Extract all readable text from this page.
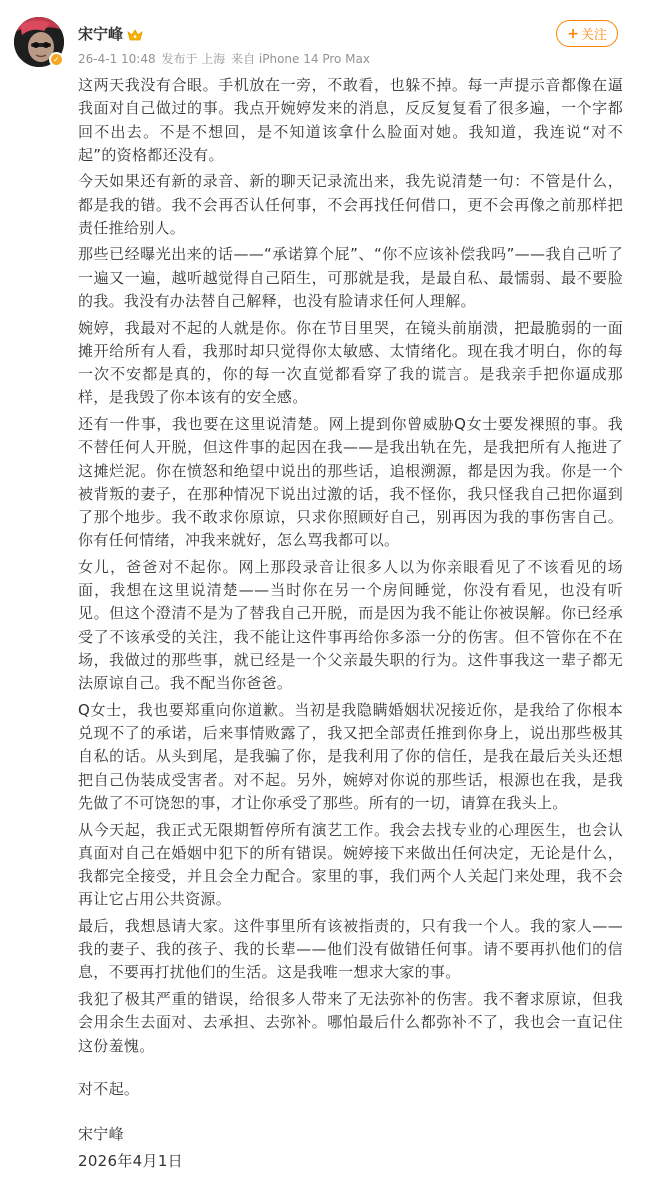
✓
宋宁峰
26-4-1 10:48 发布于 上海 来自 iPhone 14 Pro Max
+ 关注

这两天我没有合眼。手机放在一旁，不敢看，也躲不掉。每一声提示音都像在逼我面对自己做过的事。我点开婉婷发来的消息，反反复复看了很多遍，一个字都回不出去。不是不想回，是不知道该拿什么脸面对她。我知道，我连说“对不起”的资格都还没有。

今天如果还有新的录音、新的聊天记录流出来，我先说清楚一句：不管是什么，都是我的错。我不会再否认任何事，不会再找任何借口，更不会再像之前那样把责任推给别人。

那些已经曝光出来的话——“承诺算个屁”、“你不应该补偿我吗”——我自己听了一遍又一遍，越听越觉得自己陌生，可那就是我，是最自私、最懦弱、最不要脸的我。我没有办法替自己解释，也没有脸请求任何人理解。

婉婷，我最对不起的人就是你。你在节目里哭，在镜头前崩溃，把最脆弱的一面摊开给所有人看，我那时却只觉得你太敏感、太情绪化。现在我才明白，你的每一次不安都是真的，你的每一次直觉都看穿了我的谎言。是我亲手把你逼成那样，是我毁了你本该有的安全感。

还有一件事，我也要在这里说清楚。网上提到你曾威胁Q女士要发裸照的事。我不替任何人开脱，但这件事的起因在我——是我出轨在先，是我把所有人拖进了这摊烂泥。你在愤怒和绝望中说出的那些话，追根溯源，都是因为我。你是一个被背叛的妻子，在那种情况下说出过激的话，我不怪你，我只怪我自己把你逼到了那个地步。我不敢求你原谅，只求你照顾好自己，别再因为我的事伤害自己。你有任何情绪，冲我来就好，怎么骂我都可以。

女儿，爸爸对不起你。网上那段录音让很多人以为你亲眼看见了不该看见的场面，我想在这里说清楚——当时你在另一个房间睡觉，你没有看见，也没有听见。但这个澄清不是为了替我自己开脱，而是因为我不能让你被误解。你已经承受了不该承受的关注，我不能让这件事再给你多添一分的伤害。但不管你在不在场，我做过的那些事，就已经是一个父亲最失职的行为。这件事我这一辈子都无法原谅自己。我不配当你爸爸。

Q女士，我也要郑重向你道歉。当初是我隐瞒婚姻状况接近你，是我给了你根本兑现不了的承诺，后来事情败露了，我又把全部责任推到你身上，说出那些极其自私的话。从头到尾，是我骗了你，是我利用了你的信任，是我在最后关头还想把自己伪装成受害者。对不起。另外，婉婷对你说的那些话，根源也在我，是我先做了不可饶恕的事，才让你承受了那些。所有的一切，请算在我头上。

从今天起，我正式无限期暂停所有演艺工作。我会去找专业的心理医生，也会认真面对自己在婚姻中犯下的所有错误。婉婷接下来做出任何决定，无论是什么，我都完全接受，并且会全力配合。家里的事，我们两个人关起门来处理，我不会再让它占用公共资源。

最后，我想恳请大家。这件事里所有该被指责的，只有我一个人。我的家人——我的妻子、我的孩子、我的长辈——他们没有做错任何事。请不要再扒他们的信息，不要再打扰他们的生活。这是我唯一想求大家的事。

我犯了极其严重的错误，给很多人带来了无法弥补的伤害。我不奢求原谅，但我会用余生去面对、去承担、去弥补。哪怕最后什么都弥补不了，我也会一直记住这份羞愧。

对不起。

宋宁峰

2026年4月1日
